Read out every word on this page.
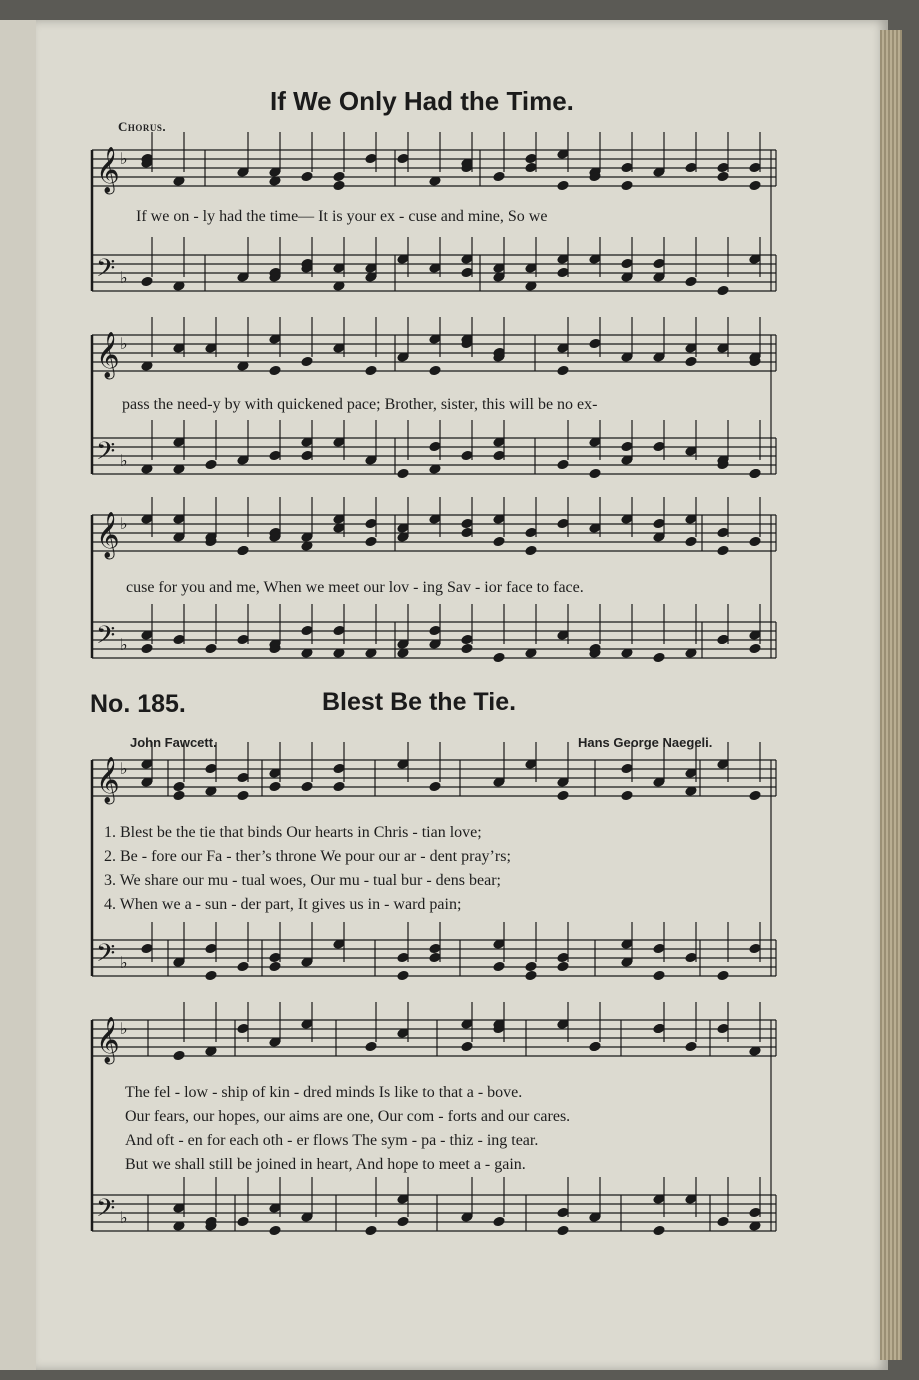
𝄞
𝄢
♭
♭
𝄞
𝄢
♭
♭
𝄞
𝄢
♭
♭
𝄞
𝄢
♭
♭
𝄞
𝄢
♭
♭
If We Only Had the Time.
Chorus.
If we on - ly had the time— It is your ex - cuse and mine, So we
pass the need-y by with quickened pace; Brother, sister, this will be no ex-
cuse for you and me, When we meet our lov - ing Sav - ior face to face.
No. 185.	Blest Be the Tie.
John Fawcett.	Hans George Naegeli.
1. Blest be the tie that binds Our hearts in Chris - tian love;
2. Be - fore our Fa - ther’s throne We pour our ar - dent pray’rs;
3. We share our mu - tual woes, Our mu - tual bur - dens bear;
4. When we a - sun - der part, It gives us in - ward pain;
The fel - low - ship of kin - dred minds Is like to that a - bove.
Our fears, our hopes, our aims are one, Our com - forts and our cares.
And oft - en for each oth - er flows The sym - pa - thiz - ing tear.
But we shall still be joined in heart, And hope to meet a - gain.
